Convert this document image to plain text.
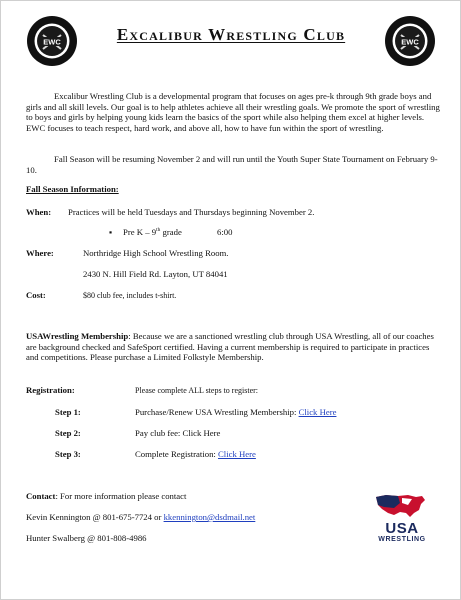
EWC	EWC
Excalibur Wrestling Club
Excalibur Wrestling Club is a developmental program that focuses on ages pre-k through 9th grade boys and girls and all skill levels. Our goal is to help athletes achieve all their wrestling goals. We promote the sport of wrestling to boys and girls by helping young kids learn the basics of the sport while also helping them excel at higher levels. EWC focuses to teach respect, hard work, and above all, how to have fun within the sport of wrestling.
Fall Season will be resuming November 2 and will run until the Youth Super State Tournament on February 9-10.
Fall Season Information:
When: Practices will be held Tuesdays and Thursdays beginning November 2.
▪ Pre K – 9th grade	6:00
Where:	Northridge High School Wrestling Room.
2430 N. Hill Field Rd. Layton, UT 84041
Cost:	$80 club fee, includes t-shirt.
USAWrestling Membership: Because we are a sanctioned wrestling club through USA Wrestling, all of our coaches are background checked and SafeSport certified. Having a current membership is required to participate in practices and competitions. Please purchase a Limited Folkstyle Membership.
Registration:	Please complete ALL steps to register:
Step 1:	Purchase/Renew USA Wrestling Membership: Click Here
Step 2:	Pay club fee: Click Here
Step 3:	Complete Registration: Click Here
Contact: For more information please contact
Kevin Kennington @ 801-675-7724 or kkennington@dsdmail.net
Hunter Swalberg @ 801-808-4986
USA
WRESTLING
